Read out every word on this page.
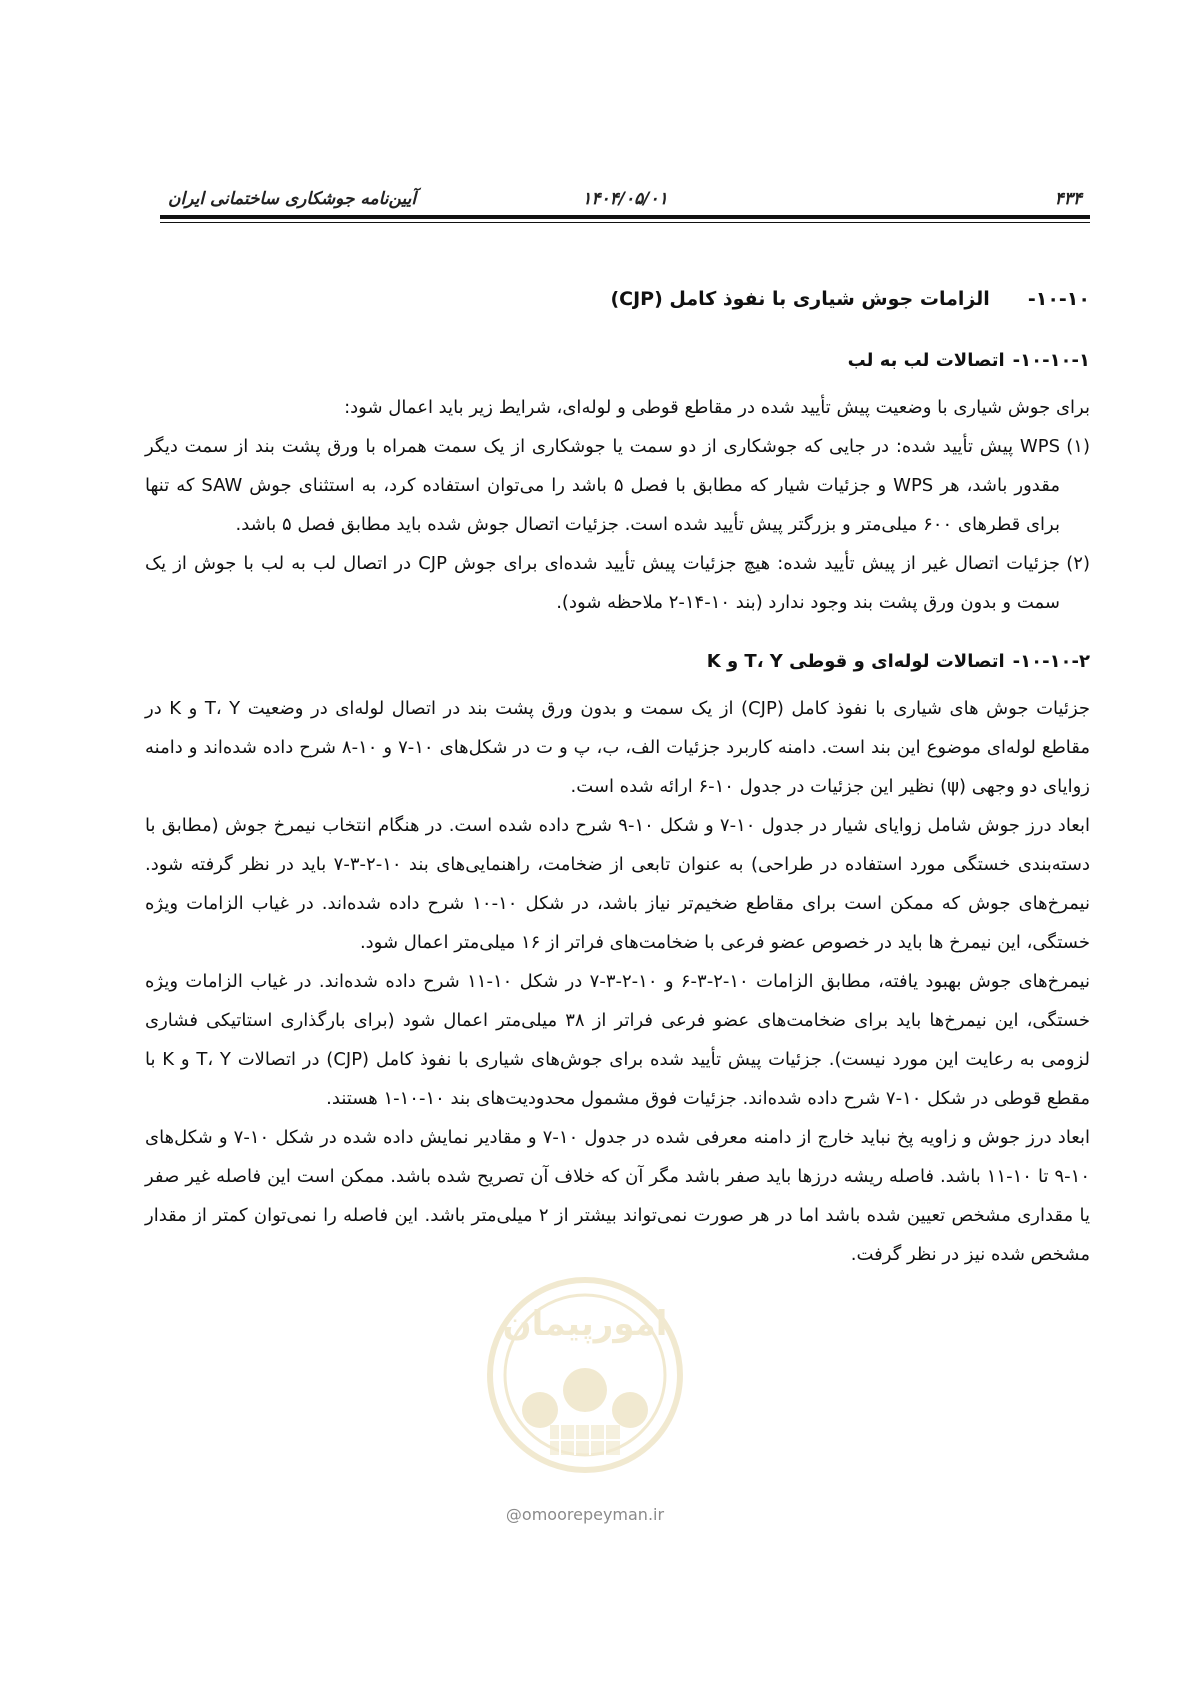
۴۳۴
۱۴۰۴/۰۵/۰۱
آیین‌نامه جوشکاری ساختمانی ایران
۱۰-۱۰-الزامات جوش شیاری با نفوذ کامل (CJP)
۱۰-۱۰-۱-اتصالات لب به لب

برای جوش شیاری با وضعیت پیش تأیید شده در مقاطع قوطی و لوله‌ای، شرایط زیر باید اعمال شود:

(۱)WPS پیش تأیید شده: در جایی که جوشکاری از دو سمت یا جوشکاری از یک سمت همراه با ورق پشت بند از سمت دیگر مقدور باشد، هر WPS و جزئیات شیار که مطابق با فصل ۵ باشد را می‌توان استفاده کرد، به استثنای جوش SAW که تنها برای قطرهای ۶۰۰ میلی‌متر و بزرگتر پیش تأیید شده است. جزئیات اتصال جوش شده باید مطابق فصل ۵ باشد.

(۲)جزئیات اتصال غیر از پیش تأیید شده: هیچ جزئیات پیش تأیید شده‌ای برای جوش CJP در اتصال لب به لب با جوش از یک سمت و بدون ورق پشت بند وجود ندارد (بند ۱۰-۱۴-۲ ملاحظه شود).

۱۰-۱۰-۲-اتصالات لوله‌ای و قوطی T، Y و K

جزئیات جوش های شیاری با نفوذ کامل (CJP) از یک سمت و بدون ورق پشت بند در اتصال لوله‌ای در وضعیت T، Y و K در مقاطع لوله‌ای موضوع این بند است. دامنه کاربرد جزئیات الف، ب، پ و ت در شکل‌های ۱۰-۷ و ۱۰-۸ شرح داده شده‌اند و دامنه زوایای دو وجهی (ψ) نظیر این جزئیات در جدول ۱۰-۶ ارائه شده است.

ابعاد درز جوش شامل زوایای شیار در جدول ۱۰-۷ و شکل ۱۰-۹ شرح داده شده است. در هنگام انتخاب نیمرخ جوش (مطابق با دسته‌بندی خستگی مورد استفاده در طراحی) به عنوان تابعی از ضخامت، راهنمایی‌های بند ۱۰-۲-۳-۷ باید در نظر گرفته شود. نیمرخ‌های جوش که ممکن است برای مقاطع ضخیم‌تر نیاز باشد، در شکل ۱۰-۱۰ شرح داده شده‌اند. در غیاب الزامات ویژه خستگی، این نیمرخ ها باید در خصوص عضو فرعی با ضخامت‌های فراتر از ۱۶ میلی‌متر اعمال شود.

نیمرخ‌های جوش بهبود یافته، مطابق الزامات ۱۰-۲-۳-۶ و ۱۰-۲-۳-۷ در شکل ۱۰-۱۱ شرح داده شده‌اند. در غیاب الزامات ویژه خستگی، این نیمرخ‌ها باید برای ضخامت‌های عضو فرعی فراتر از ۳۸ میلی‌متر اعمال شود (برای بارگذاری استاتیکی فشاری لزومی به رعایت این مورد نیست). جزئیات پیش تأیید شده برای جوش‌های شیاری با نفوذ کامل (CJP) در اتصالات T، Y و K با مقطع قوطی در شکل ۱۰-۷ شرح داده شده‌اند. جزئیات فوق مشمول محدودیت‌های بند ۱۰-۱۰-۱ هستند.

ابعاد درز جوش و زاویه پخ نباید خارج از دامنه معرفی شده در جدول ۱۰-۷ و مقادیر نمایش داده شده در شکل ۱۰-۷ و شکل‌های ۱۰-۹ تا ۱۰-۱۱ باشد. فاصله ریشه درزها باید صفر باشد مگر آن که خلاف آن تصریح شده باشد. ممکن است این فاصله غیر صفر یا مقداری مشخص تعیین شده باشد اما در هر صورت نمی‌تواند بیشتر از ۲ میلی‌متر باشد. این فاصله را نمی‌توان کمتر از مقدار مشخص شده نیز در نظر گرفت.

امورپیمان
@omoorepeyman.ir
